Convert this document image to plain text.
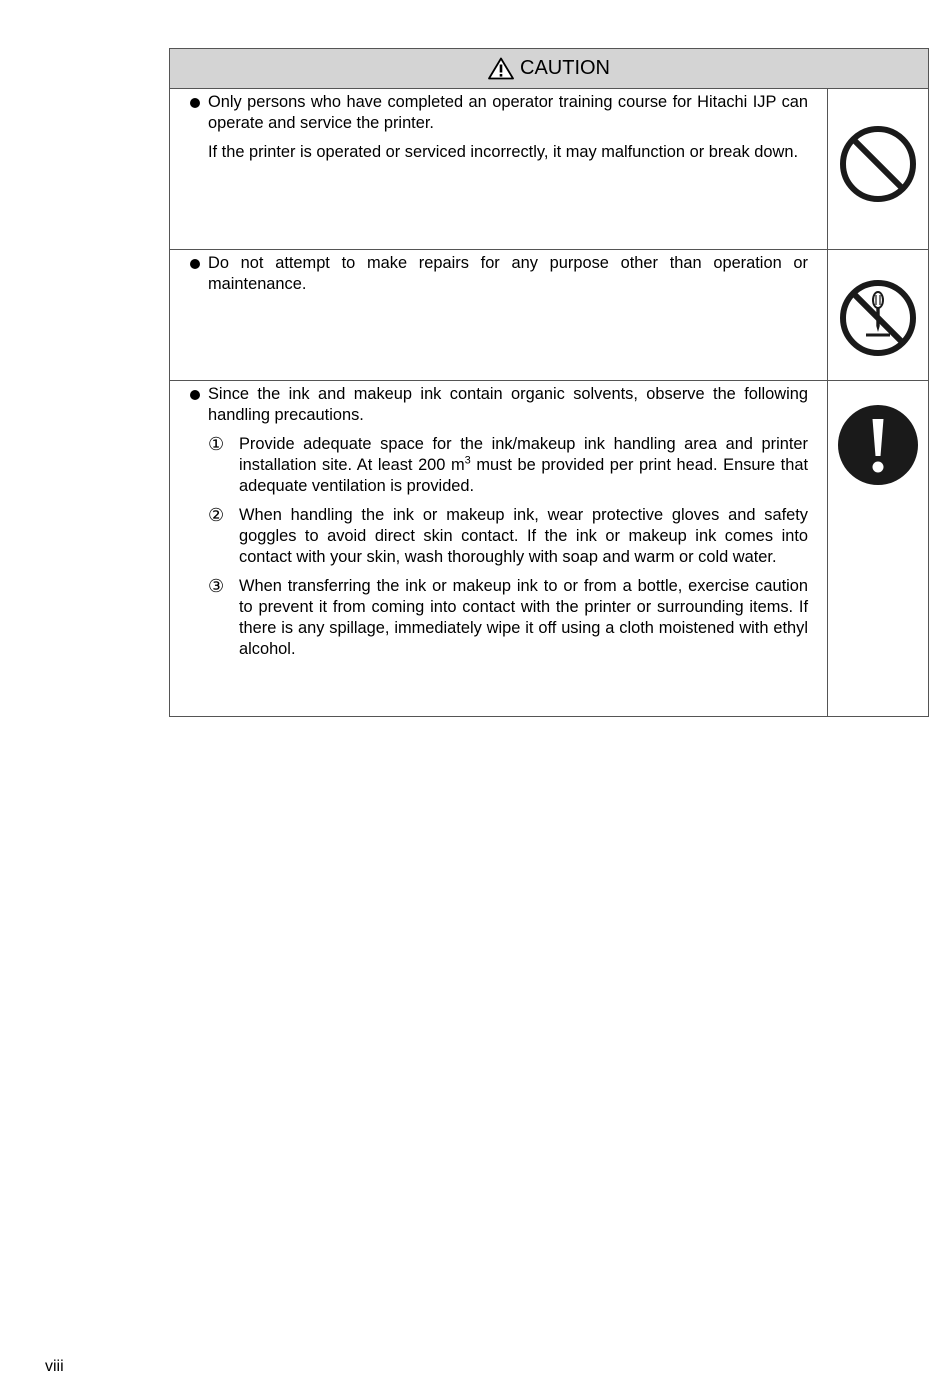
CAUTION
Only persons who have completed an operator training course for Hitachi IJP can operate and service the printer.
If the printer is operated or serviced incorrectly, it may malfunction or break down.
Do not attempt to make repairs for any purpose other than operation or maintenance.
Since the ink and makeup ink contain organic solvents, observe the following handling precautions.
① Provide adequate space for the ink/makeup ink handling area and printer installation site. At least 200 $m^3$ must be provided per print head. Ensure that adequate ventilation is provided.
② When handling the ink or makeup ink, wear protective gloves and safety goggles to avoid direct skin contact. If the ink or makeup ink comes into contact with your skin, wash thoroughly with soap and warm or cold water.
③ When transferring the ink or makeup ink to or from a bottle, exercise caution to prevent it from coming into contact with the printer or surrounding items. If there is any spillage, immediately wipe it off using a cloth moistened with ethyl alcohol.
viii
